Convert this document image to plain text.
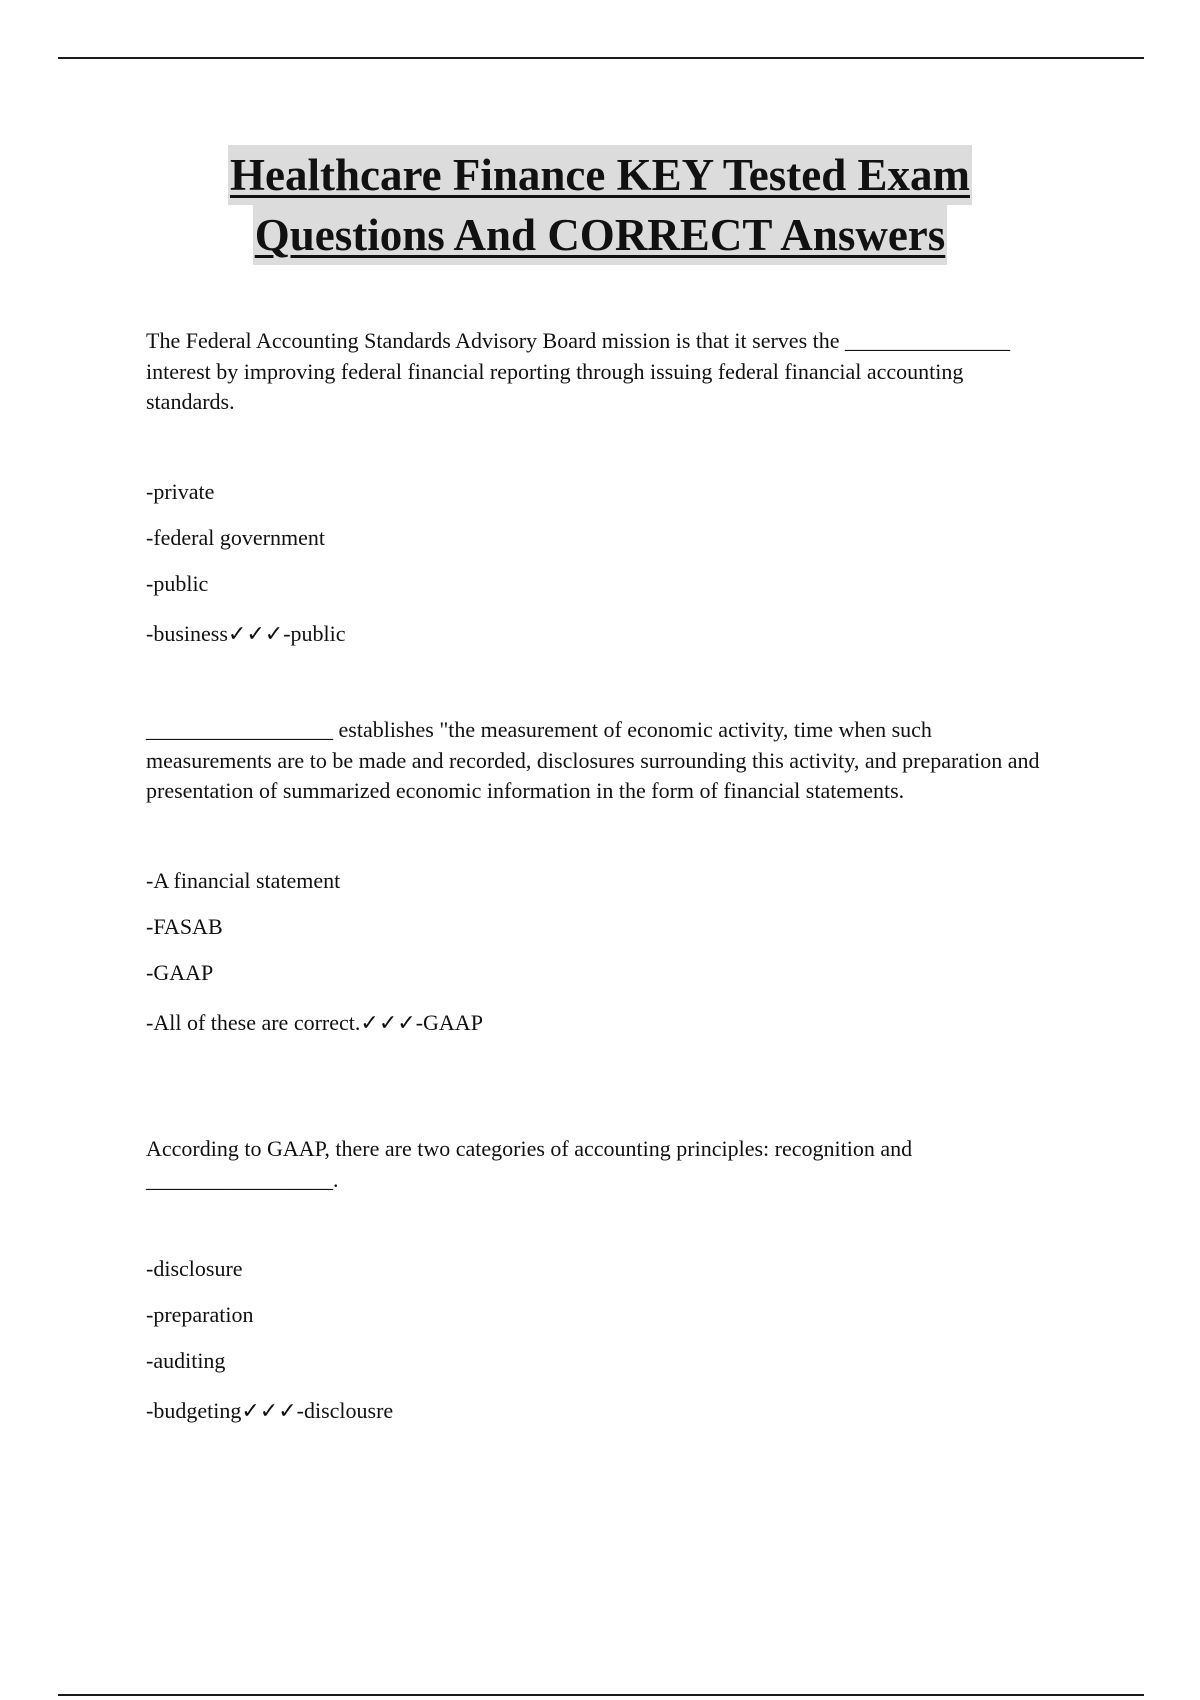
Healthcare Finance KEY Tested Exam
Questions And CORRECT Answers

The Federal Accounting Standards Advisory Board mission is that it serves the _______________ interest by improving federal financial reporting through issuing federal financial accounting standards.

-private
-federal government
-public
-business✓✓✓-public

_________________ establishes "the measurement of economic activity, time when such measurements are to be made and recorded, disclosures surrounding this activity, and preparation and presentation of summarized economic information in the form of financial statements.

-A financial statement
-FASAB
-GAAP
-All of these are correct.✓✓✓-GAAP

According to GAAP, there are two categories of accounting principles: recognition and _________________.

-disclosure
-preparation
-auditing
-budgeting✓✓✓-disclousre
